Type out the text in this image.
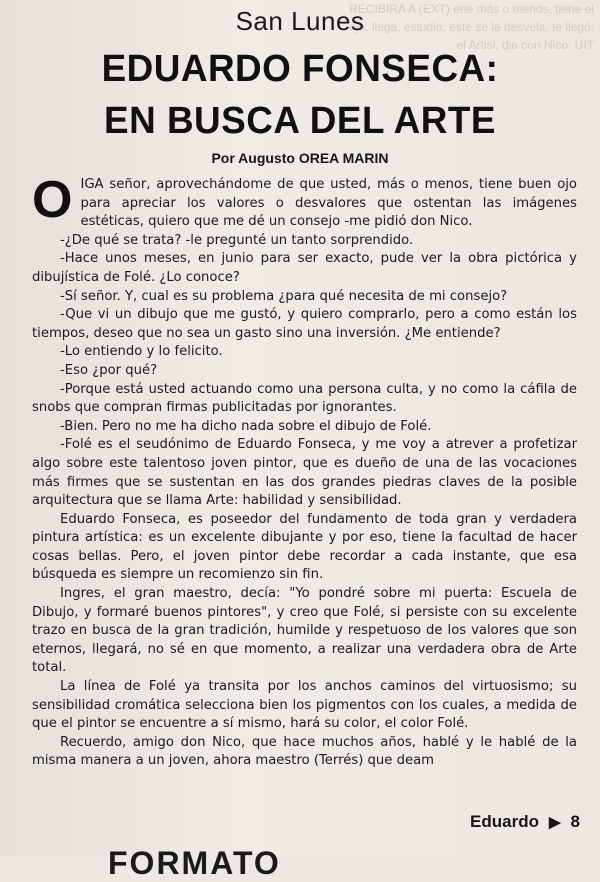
RECIBIRA A (EXT) ene más o menos, tiene el ojo, llega, estudio, este se la desvela, te llegó: el Artisi, dio con Nico. UIT
San Lunes
EDUARDO FONSECA:
EN BUSCA DEL ARTE
Por Augusto OREA MARIN

OIGA señor, aprovechándome de que usted, más o menos, tiene buen ojo para apreciar los valores o desvalores que ostentan las imágenes estéticas, quiero que me dé un consejo -me pidió don Nico.

-¿De qué se trata? -le pregunté un tanto sorprendido.

-Hace unos meses, en junio para ser exacto, pude ver la obra pictórica y dibujística de Folé. ¿Lo conoce?

-Sí señor. Y, cual es su problema ¿para qué necesita de mi consejo?

-Que vi un dibujo que me gustó, y quiero comprarlo, pero a como están los tiempos, deseo que no sea un gasto sino una inversión. ¿Me entiende?

-Lo entiendo y lo felicito.

-Eso ¿por qué?

-Porque está usted actuando como una persona culta, y no como la cáfila de snobs que compran firmas publicitadas por ignorantes.

-Bien. Pero no me ha dicho nada sobre el dibujo de Folé.

-Folé es el seudónimo de Eduardo Fonseca, y me voy a atrever a profetizar algo sobre este talentoso joven pintor, que es dueño de una de las vocaciones más firmes que se sustentan en las dos grandes piedras claves de la posible arquitectura que se llama Arte: habilidad y sensibilidad.

Eduardo Fonseca, es poseedor del fundamento de toda gran y verdadera pintura artística: es un excelente dibujante y por eso, tiene la facultad de hacer cosas bellas. Pero, el joven pintor debe recordar a cada instante, que esa búsqueda es siempre un recomienzo sin fin.

Ingres, el gran maestro, decía: "Yo pondré sobre mi puerta: Escuela de Dibujo, y formaré buenos pintores", y creo que Folé, si persiste con su excelente trazo en busca de la gran tradición, humilde y respetuoso de los valores que son eternos, llegará, no sé en que momento, a realizar una verdadera obra de Arte total.

La línea de Folé ya transita por los anchos caminos del virtuosismo; su sensibilidad cromática selecciona bien los pigmentos con los cuales, a medida de que el pintor se encuentre a sí mismo, hará su color, el color Folé.

Recuerdo, amigo don Nico, que hace muchos años, hablé y le hablé de la misma manera a un joven, ahora maestro (Terrés) que deam

Eduardo ▶ 8
FORMATO
